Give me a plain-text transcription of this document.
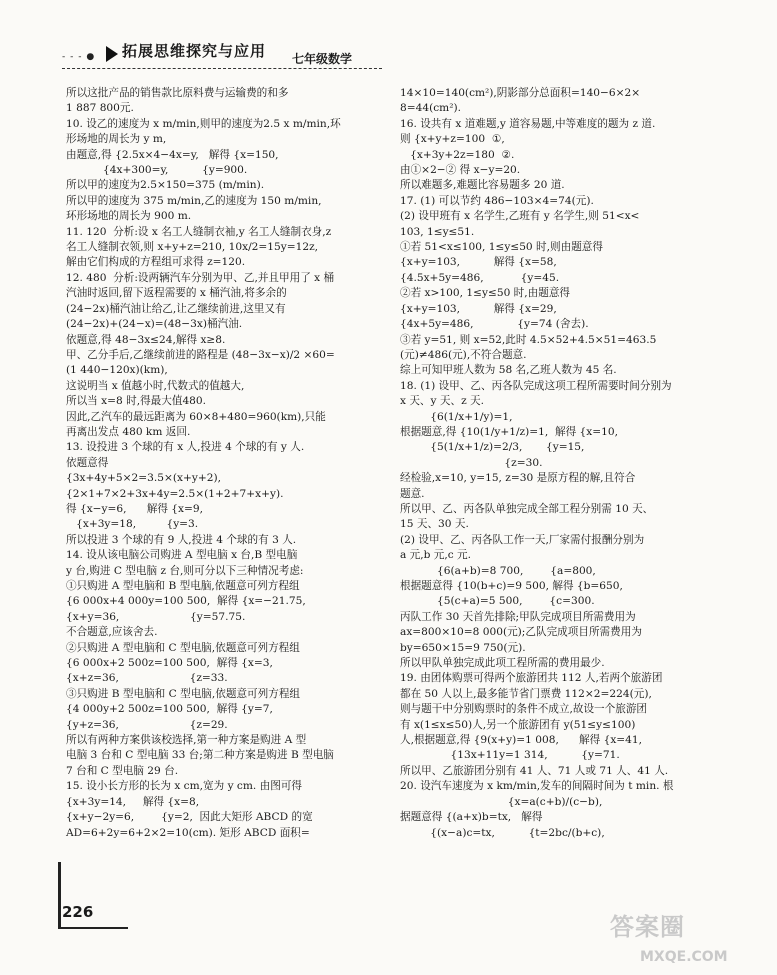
- - - ● 拓展思维探究与应用 七年级数学

所以这批产品的销售款比原料费与运输费的和多

1 887 800元.

10. 设乙的速度为 x m/min,则甲的速度为2.5 x m/min,环

形场地的周长为 y m,

由题意,得 {2.5x×4−4x=y,   解得 {x=150,

{4x+300=y,          {y=900.

所以甲的速度为2.5×150=375 (m/min).

所以甲的速度为 375 m/min,乙的速度为 150 m/min,

环形场地的周长为 900 m.

11. 120  分析:设 x 名工人缝制衣袖,y 名工人缝制衣身,z

名工人缝制衣领,则 x+y+z=210, 10x/2=15y=12z,

解由它们构成的方程组可求得 z=120.

12. 480  分析:设两辆汽车分别为甲、乙,并且甲用了 x 桶

汽油时返回,留下返程需要的 x 桶汽油,将多余的

(24−2x)桶汽油让给乙,让乙继续前进,这里又有

(24−2x)+(24−x)=(48−3x)桶汽油.

依题意,得 48−3x≤24,解得 x≥8.

甲、乙分手后,乙继续前进的路程是 (48−3x−x)/2 ×60=

(1 440−120x)(km),

这说明当 x 值越小时,代数式的值越大,

所以当 x=8 时,得最大值480.

因此,乙汽车的最远距离为 60×8+480=960(km),只能

再离出发点 480 km 返回.

13. 设投进 3 个球的有 x 人,投进 4 个球的有 y 人.

依题意得

{3x+4y+5×2=3.5×(x+y+2),

{2×1+7×2+3x+4y=2.5×(1+2+7+x+y).

得 {x−y=6,      解得 {x=9,

{x+3y=18,         {y=3.

所以投进 3 个球的有 9 人,投进 4 个球的有 3 人.

14. 设从该电脑公司购进 A 型电脑 x 台,B 型电脑

y 台,购进 C 型电脑 z 台,则可分以下三种情况考虑:

①只购进 A 型电脑和 B 型电脑,依题意可列方程组

{6 000x+4 000y=100 500,  解得 {x=−21.75,

{x+y=36,                     {y=57.75.

不合题意,应该舍去.

②只购进 A 型电脑和 C 型电脑,依题意可列方程组

{6 000x+2 500z=100 500,  解得 {x=3,

{x+z=36,                     {z=33.

③只购进 B 型电脑和 C 型电脑,依题意可列方程组

{4 000y+2 500z=100 500,  解得 {y=7,

{y+z=36,                     {z=29.

所以有两种方案供该校选择,第一种方案是购进 A 型

电脑 3 台和 C 型电脑 33 台;第二种方案是购进 B 型电脑

7 台和 C 型电脑 29 台.

15. 设小长方形的长为 x cm,宽为 y cm. 由图可得

{x+3y=14,     解得 {x=8,

{x+y−2y=6,        {y=2,  因此大矩形 ABCD 的宽

AD=6+2y=6+2×2=10(cm). 矩形 ABCD 面积=

14×10=140(cm²),阴影部分总面积=140−6×2×

8=44(cm²).

16. 设共有 x 道难题,y 道容易题,中等难度的题为 z 道.

则 {x+y+z=100  ①,

{x+3y+2z=180  ②.

由①×2−② 得 x−y=20.

所以难题多,难题比容易题多 20 道.

17. (1) 可以节约 486−103×4=74(元).

(2) 设甲班有 x 名学生,乙班有 y 名学生,则 51<x<

103, 1≤y≤51.

①若 51<x≤100, 1≤y≤50 时,则由题意得

{x+y=103,          解得 {x=58,

{4.5x+5y=486,           {y=45.

②若 x>100, 1≤y≤50 时,由题意得

{x+y=103,          解得 {x=29,

{4x+5y=486,             {y=74 (舍去).

③若 y=51, 则 x=52,此时 4.5×52+4.5×51=463.5

(元)≠486(元),不符合题意.

综上可知甲班人数为 58 名,乙班人数为 45 名.

18. (1) 设甲、乙、丙各队完成这项工程所需要时间分别为

x 天、y 天、z 天.

{6(1/x+1/y)=1,

根据题意,得 {10(1/y+1/z)=1,  解得 {x=10,

{5(1/x+1/z)=2/3,       {y=15,

{z=30.

经检验,x=10, y=15, z=30 是原方程的解,且符合

题意.

所以甲、乙、丙各队单独完成全部工程分别需 10 天、

15 天、30 天.

(2) 设甲、乙、丙各队工作一天,厂家需付报酬分别为

a 元,b 元,c 元.

{6(a+b)=8 700,        {a=800,

根据题意得 {10(b+c)=9 500, 解得 {b=650,

{5(c+a)=5 500,        {c=300.

丙队工作 30 天首先排除;甲队完成项目所需费用为

ax=800×10=8 000(元);乙队完成项目所需费用为

by=650×15=9 750(元).

所以甲队单独完成此项工程所需的费用最少.

19. 由团体购票可得两个旅游团共 112 人,若两个旅游团

都在 50 人以上,最多能节省门票费 112×2=224(元),

则与题干中分别购票时的条件不成立,故设一个旅游团

有 x(1≤x≤50)人,另一个旅游团有 y(51≤y≤100)

人,根据题意,得 {9(x+y)=1 008,      解得 {x=41,

{13x+11y=1 314,          {y=71.

所以甲、乙旅游团分别有 41 人、71 人或 71 人、41 人.

20. 设汽车速度为 x km/min,发车的间隔时间为 t min. 根

{x=a(c+b)/(c−b),

据题意得 {(a+x)b=tx,   解得

{(x−a)c=tx,          {t=2bc/(b+c),

226
答案圈
MXQE.COM
